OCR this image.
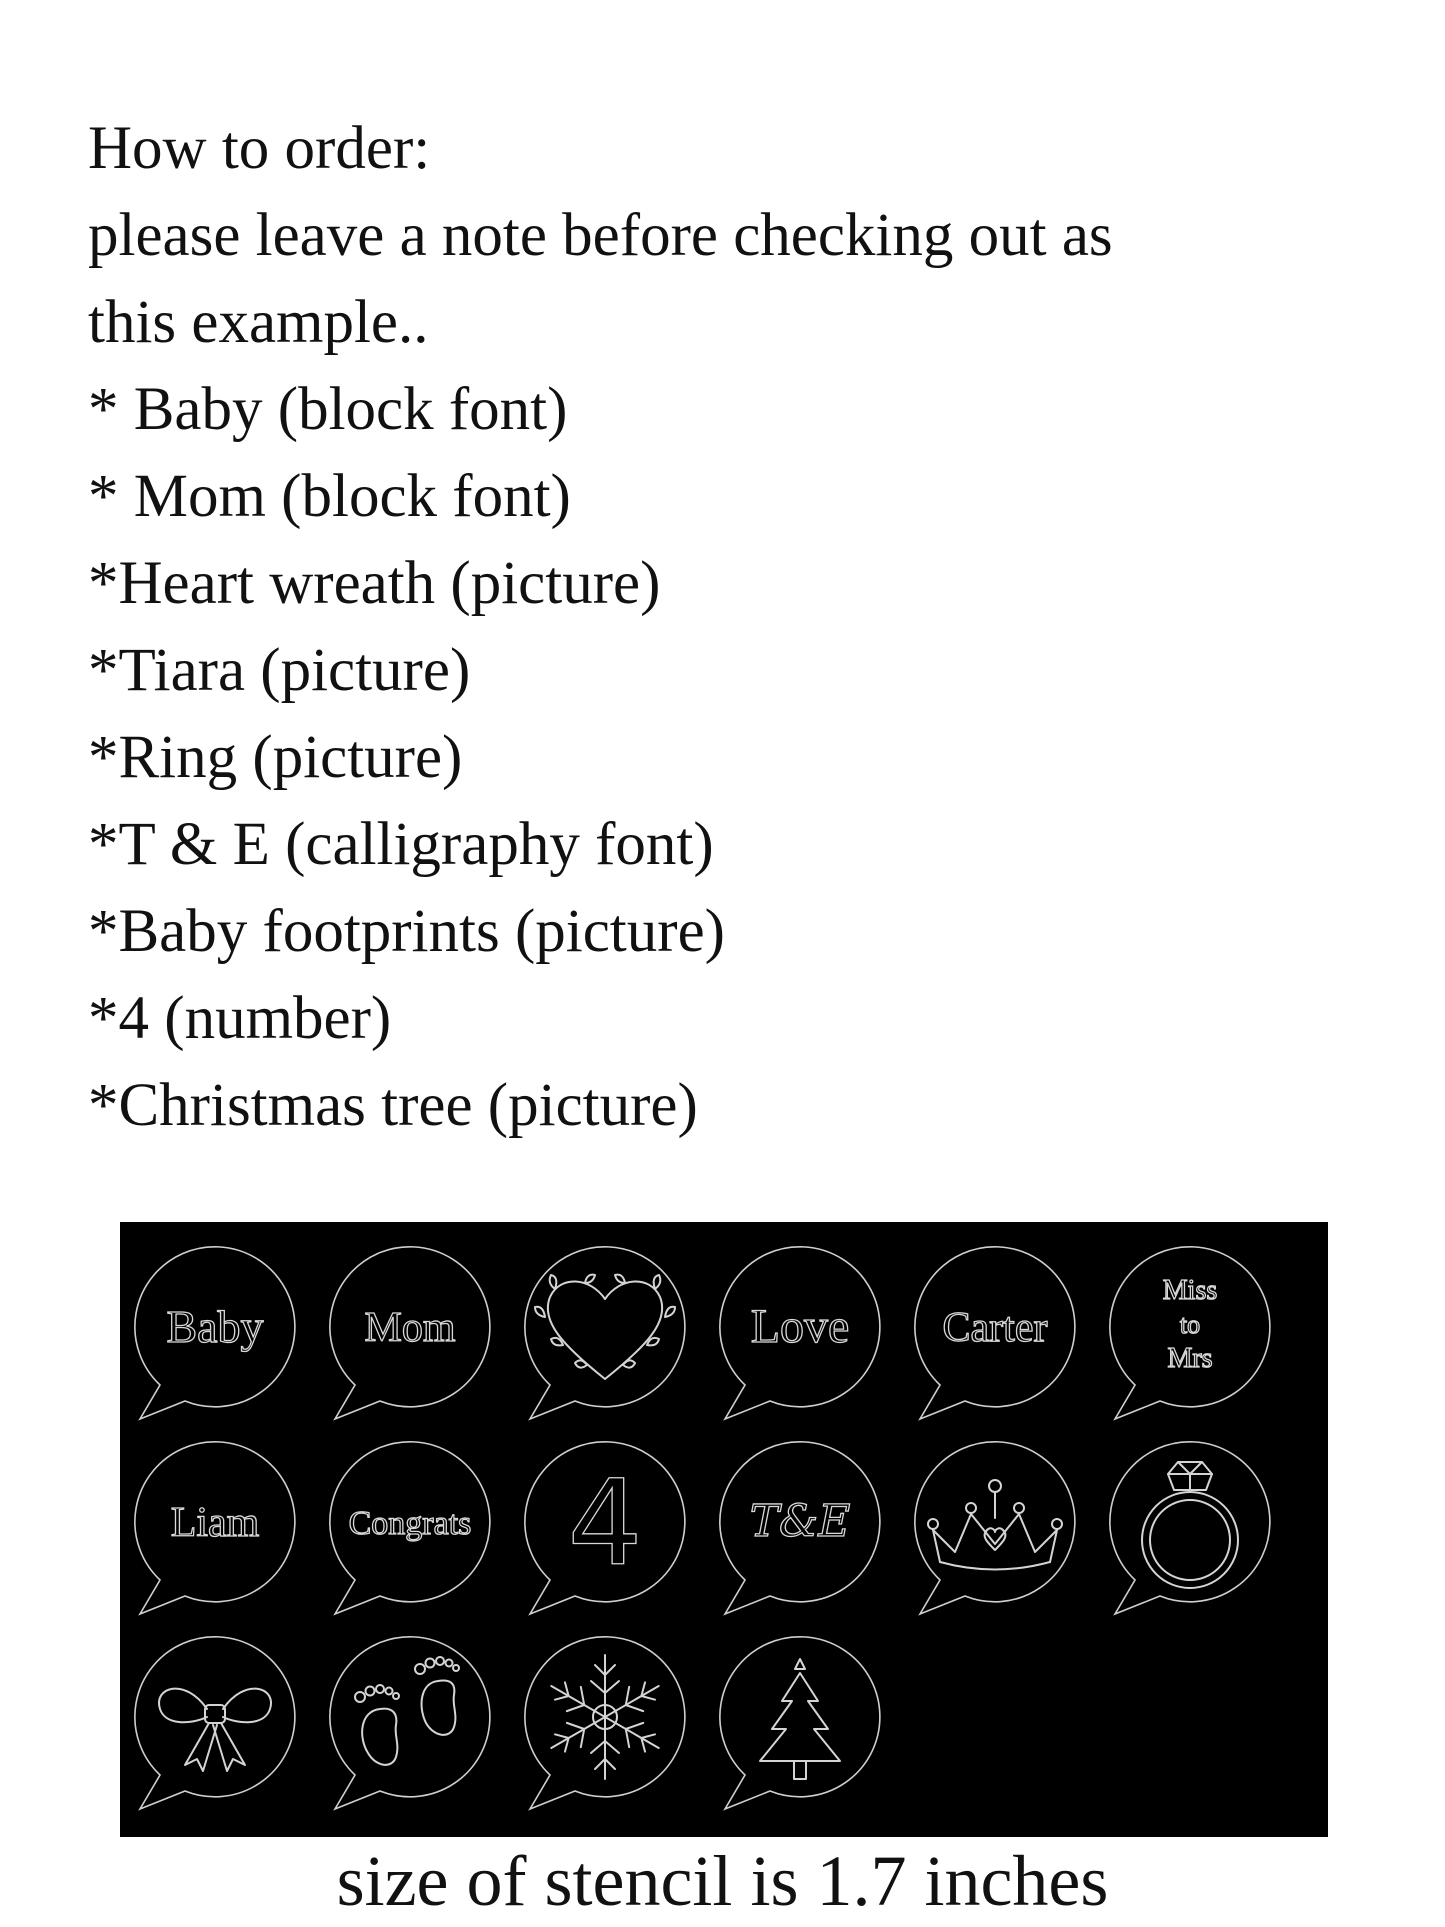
How to order:
please leave a note before checking out as
this example..
* Baby (block font)
* Mom (block font)
*Heart wreath (picture)
*Tiara (picture)
*Ring (picture)
*T & E (calligraphy font)
*Baby footprints (picture)
*4 (number)
*Christmas tree (picture)
Baby Mom	Love Carter
Miss
to
Mrs
Liam	Congrats 4 T&E
size of stencil is 1.7 inches
